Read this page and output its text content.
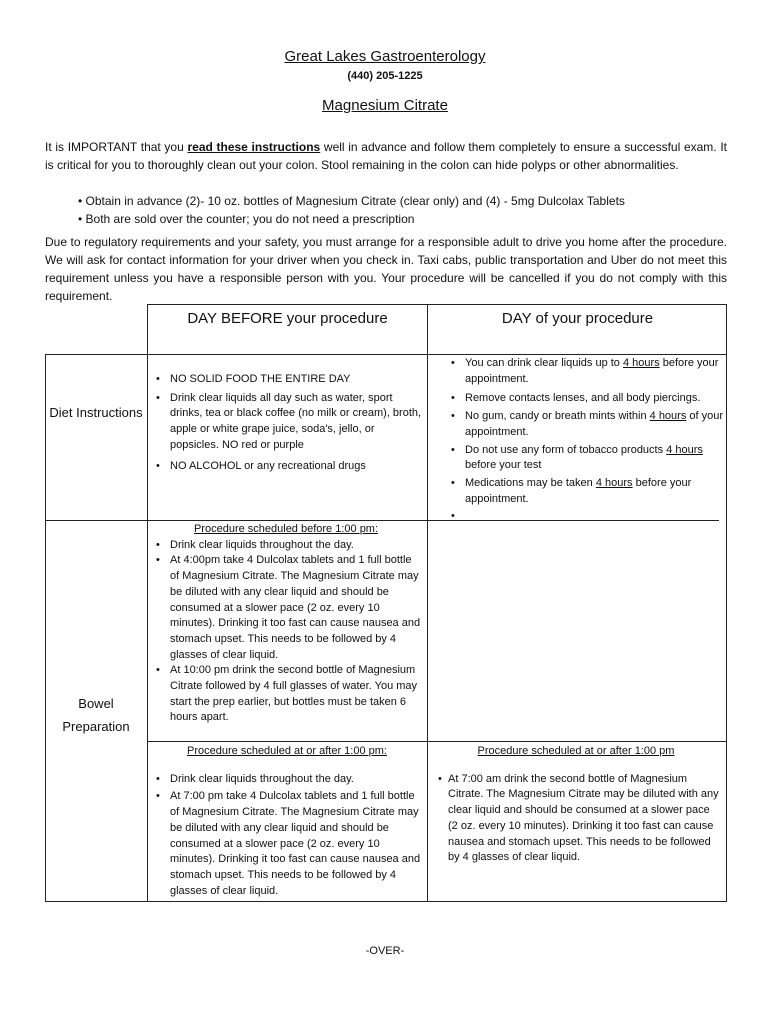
Great Lakes Gastroenterology
(440) 205-1225
Magnesium Citrate
It is IMPORTANT that you read these instructions well in advance and follow them completely to ensure a successful exam. It is critical for you to thoroughly clean out your colon. Stool remaining in the colon can hide polyps or other abnormalities.
• Obtain in advance (2)- 10 oz. bottles of Magnesium Citrate (clear only) and (4) - 5mg Dulcolax Tablets
• Both are sold over the counter; you do not need a prescription
Due to regulatory requirements and your safety, you must arrange for a responsible adult to drive you home after the procedure. We will ask for contact information for your driver when you check in. Taxi cabs, public transportation and Uber do not meet this requirement unless you have a responsible person with you. Your procedure will be cancelled if you do not comply with this requirement.
DAY BEFORE your procedure	DAY of your procedure
Diet Instructions
Bowel Preparation
• NO SOLID FOOD THE ENTIRE DAY
• Drink clear liquids all day such as water, sport drinks, tea or black coffee (no milk or cream), broth, apple or white grape juice, soda's, jello, or popsicles. NO red or purple
• NO ALCOHOL or any recreational drugs
• You can drink clear liquids up to 4 hours before your appointment.
• Remove contacts lenses, and all body piercings.
• No gum, candy or breath mints within 4 hours of your appointment.
• Do not use any form of tobacco products 4 hours before your test
• Medications may be taken 4 hours before your appointment.
•
Procedure scheduled before 1:00 pm:
• Drink clear liquids throughout the day.
• At 4:00pm take 4 Dulcolax tablets and 1 full bottle of Magnesium Citrate. The Magnesium Citrate may be diluted with any clear liquid and should be consumed at a slower pace (2 oz. every 10 minutes). Drinking it too fast can cause nausea and stomach upset. This needs to be followed by 4 glasses of clear liquid.
• At 10:00 pm drink the second bottle of Magnesium Citrate followed by 4 full glasses of water. You may start the prep earlier, but bottles must be taken 6 hours apart.
Procedure scheduled at or after 1:00 pm:
• Drink clear liquids throughout the day.
• At 7:00 pm take 4 Dulcolax tablets and 1 full bottle of Magnesium Citrate. The Magnesium Citrate may be diluted with any clear liquid and should be consumed at a slower pace (2 oz. every 10 minutes). Drinking it too fast can cause nausea and stomach upset. This needs to be followed by 4 glasses of clear liquid.
Procedure scheduled at or after 1:00 pm
• At 7:00 am drink the second bottle of Magnesium Citrate. The Magnesium Citrate may be diluted with any clear liquid and should be consumed at a slower pace (2 oz. every 10 minutes). Drinking it too fast can cause nausea and stomach upset. This needs to be followed by 4 glasses of clear liquid.
-OVER-
